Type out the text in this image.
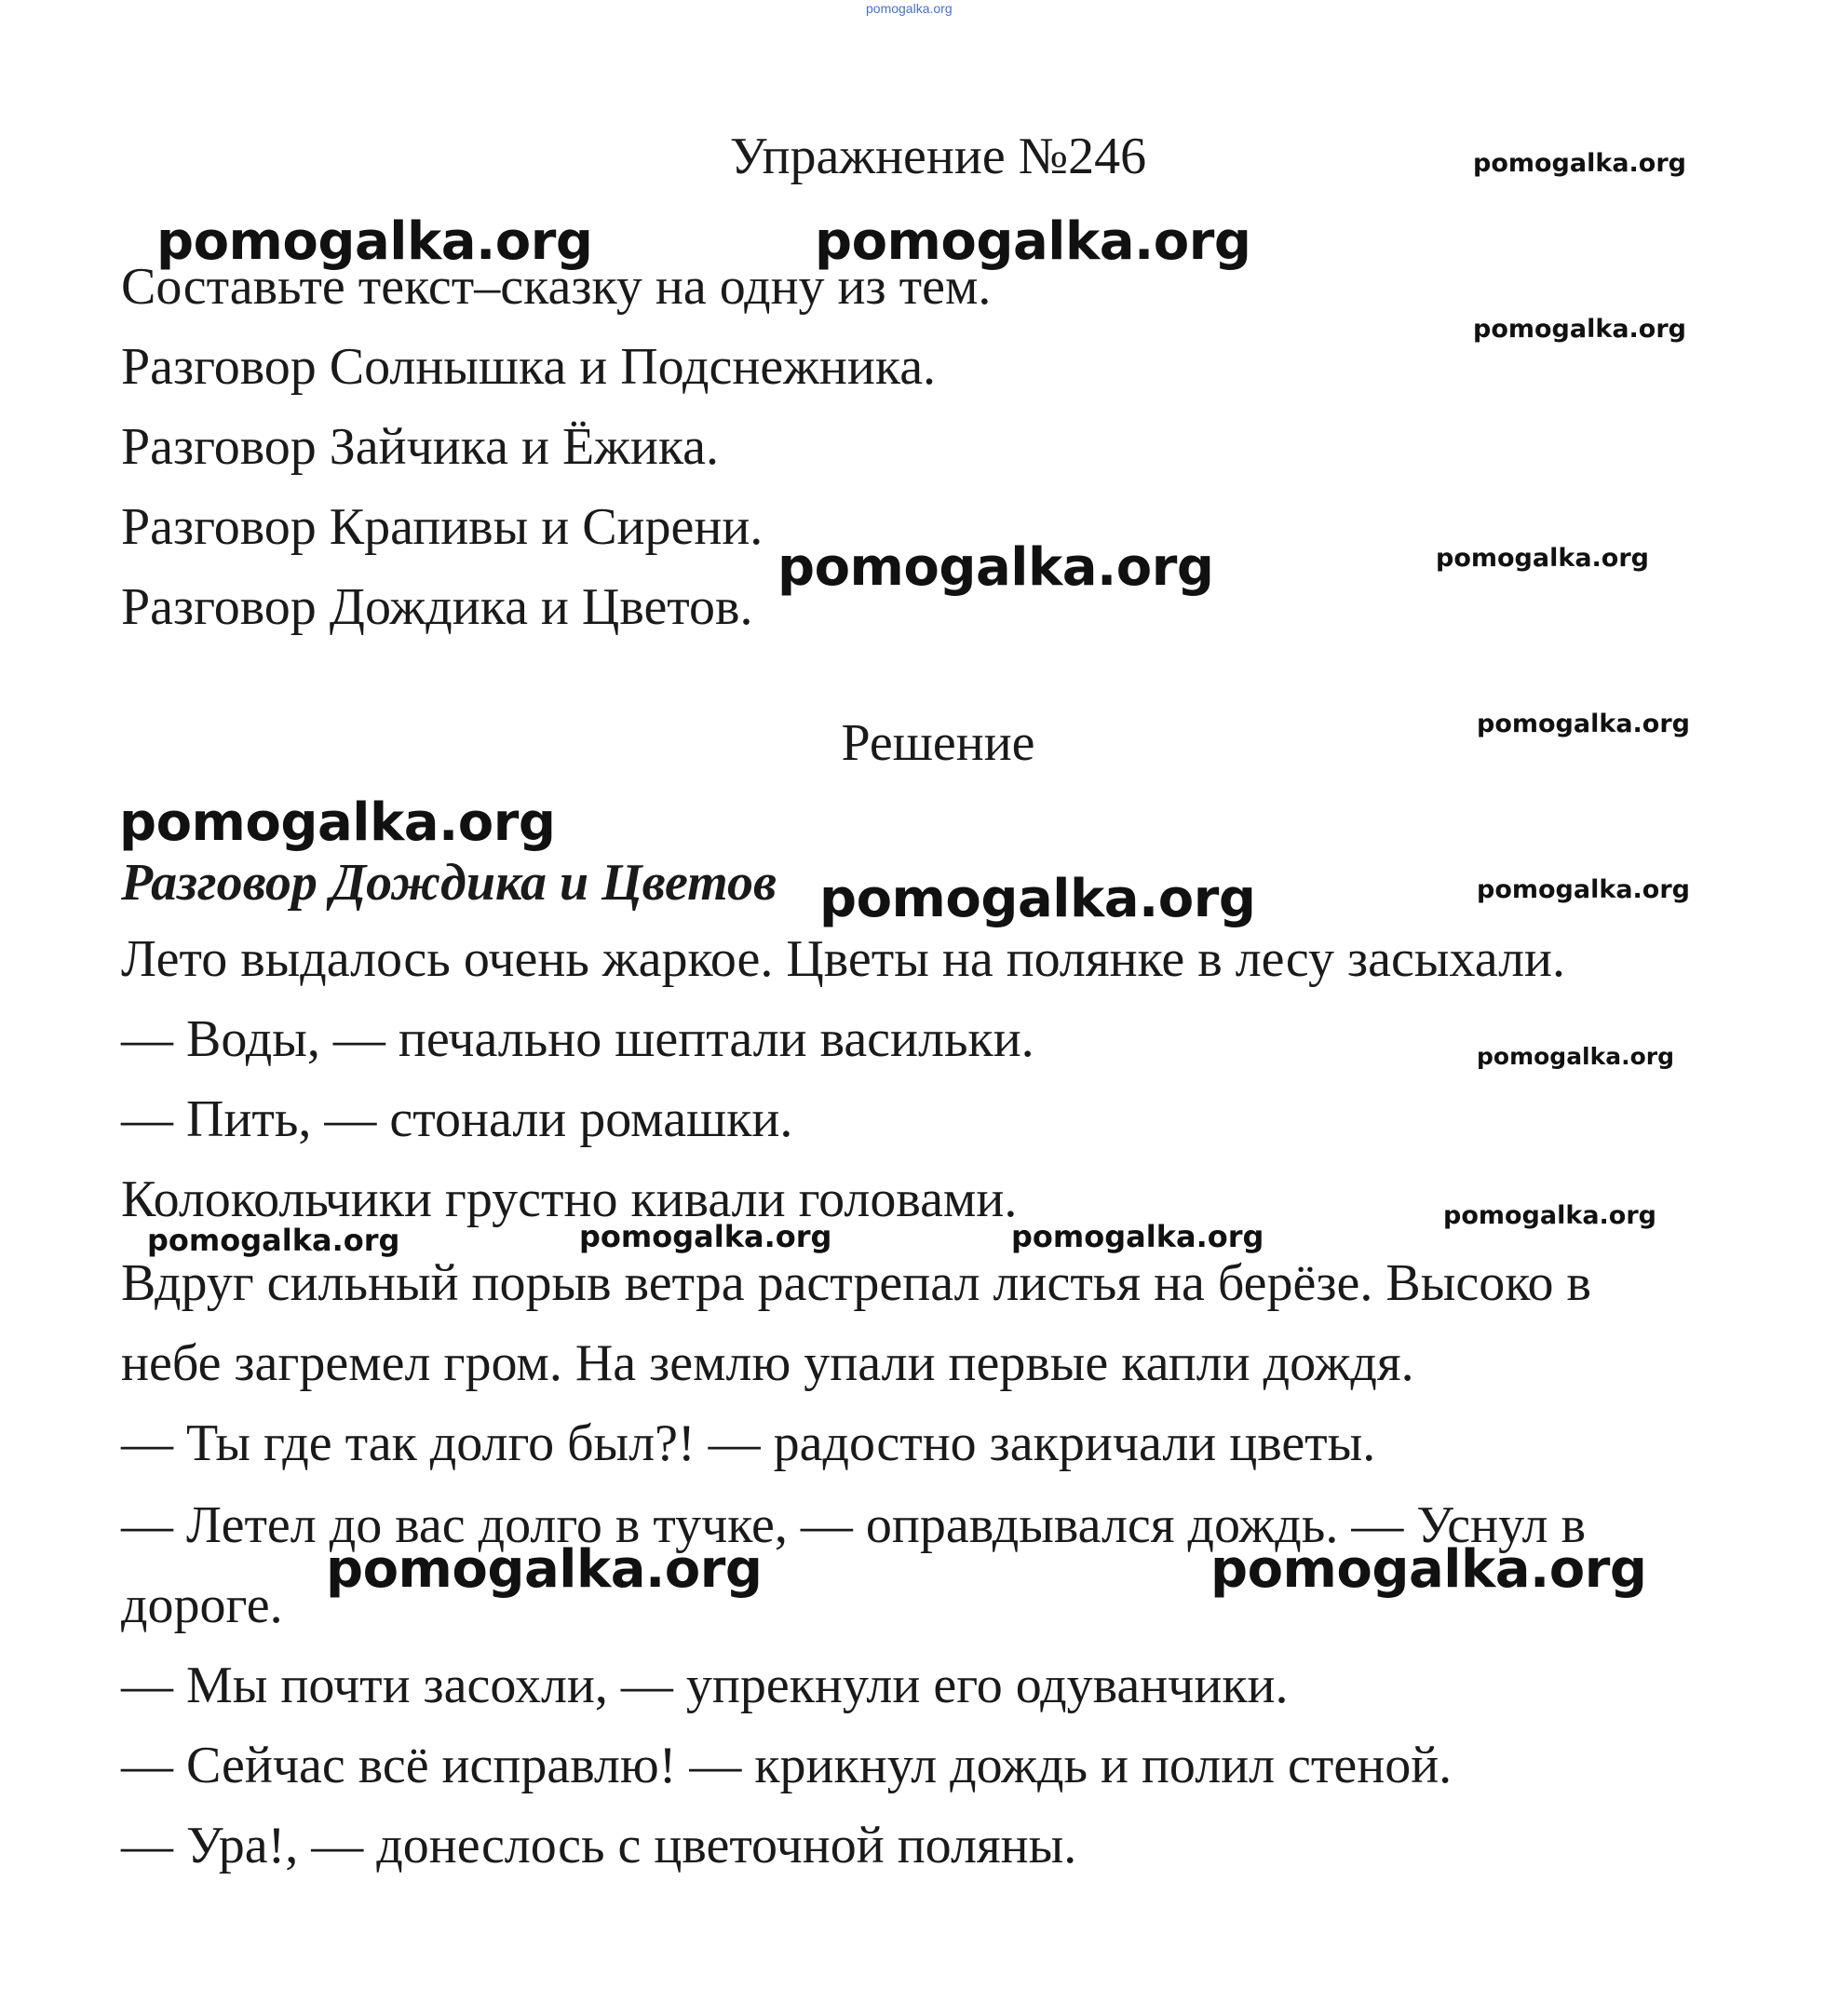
pomogalka.org
Упражнение №246
Составьте текст–сказку на одну из тем.
Разговор Солнышка и Подснежника.
Разговор Зайчика и Ёжика.
Разговор Крапивы и Сирени.
Разговор Дождика и Цветов.
Решение
Разговор Дождика и Цветов
Лето выдалось очень жаркое. Цветы на полянке в лесу засыхали.
— Воды, — печально шептали васильки.
— Пить, — стонали ромашки.
Колокольчики грустно кивали головами.
Вдруг сильный порыв ветра растрепал листья на берёзе. Высоко в
небе загремел гром. На землю упали первые капли дождя.
— Ты где так долго был?! — радостно закричали цветы.
— Летел до вас долго в тучке, — оправдывался дождь. — Уснул в
дороге.
— Мы почти засохли, — упрекнули его одуванчики.
— Сейчас всё исправлю! — крикнул дождь и полил стеной.
— Ура!, — донеслось с цветочной поляны.
pomogalka.org
pomogalka.org	pomogalka.org
pomogalka.org
pomogalka.org
pomogalka.org
pomogalka.org
pomogalka.org
pomogalka.org	pomogalka.org
pomogalka.org
pomogalka.org
pomogalka.org	pomogalka.org	pomogalka.org
pomogalka.org	pomogalka.org
